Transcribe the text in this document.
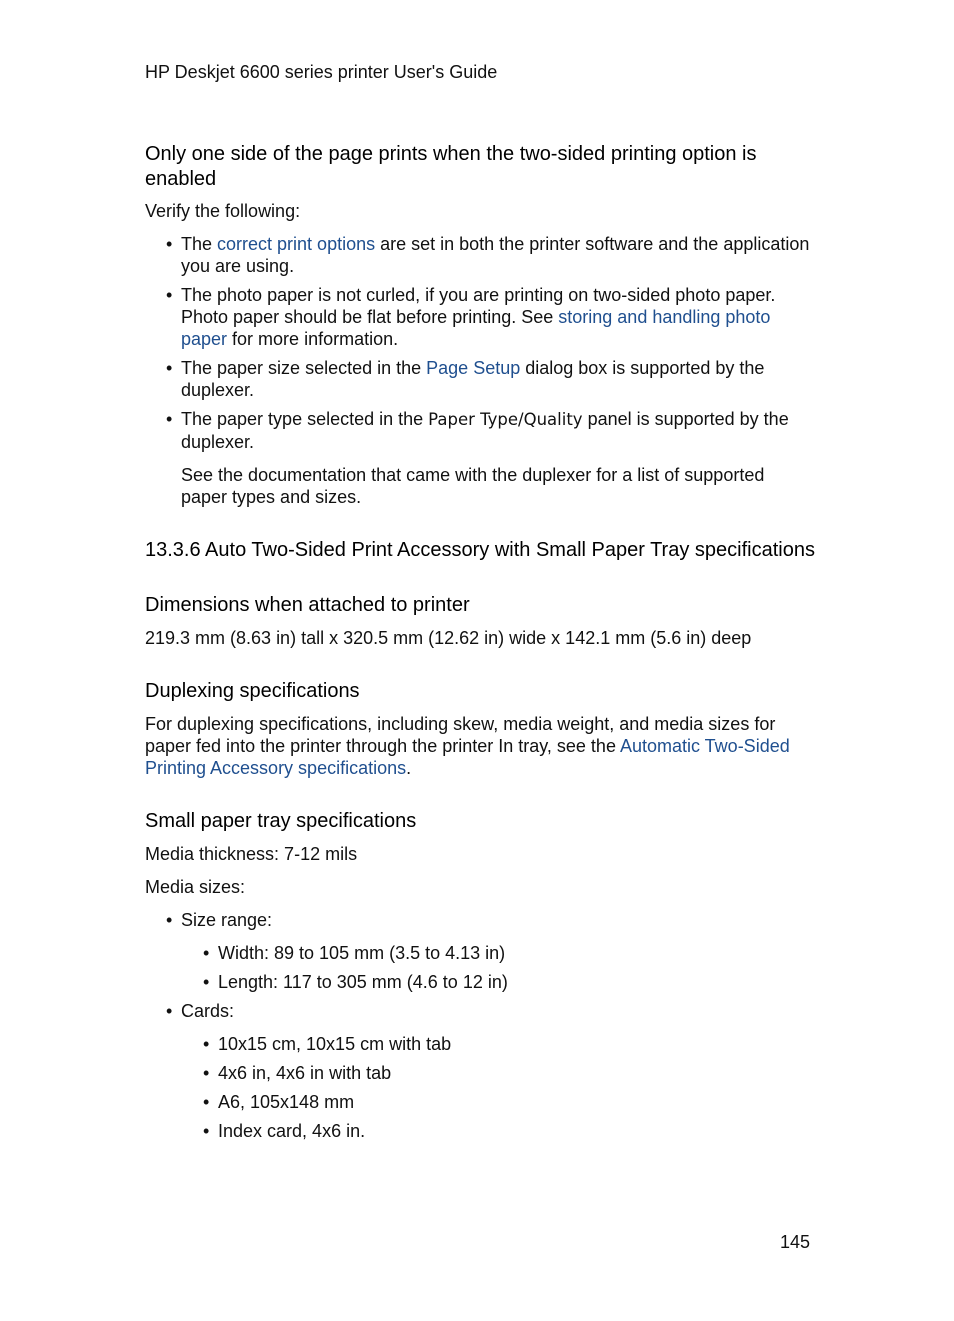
HP Deskjet 6600 series printer User's Guide
Only one side of the page prints when the two-sided printing option is enabled

Verify the following:

• The correct print options are set in both the printer software and the application you are using.
• The photo paper is not curled, if you are printing on two-sided photo paper. Photo paper should be flat before printing. See storing and handling photo paper for more information.
• The paper size selected in the Page Setup dialog box is supported by the duplexer.
• The paper type selected in the Paper Type/Quality panel is supported by the duplexer.
See the documentation that came with the duplexer for a list of supported paper types and sizes.
13.3.6 Auto Two-Sided Print Accessory with Small Paper Tray specifications
Dimensions when attached to printer

219.3 mm (8.63 in) tall x 320.5 mm (12.62 in) wide x 142.1 mm (5.6 in) deep

Duplexing specifications

For duplexing specifications, including skew, media weight, and media sizes for paper fed into the printer through the printer In tray, see the Automatic Two-Sided Printing Accessory specifications.

Small paper tray specifications

Media thickness: 7-12 mils

Media sizes:

• Size range:
• Width: 89 to 105 mm (3.5 to 4.13 in)
• Length: 117 to 305 mm (4.6 to 12 in)
• Cards:
• 10x15 cm, 10x15 cm with tab
• 4x6 in, 4x6 in with tab
• A6, 105x148 mm
• Index card, 4x6 in.
145
